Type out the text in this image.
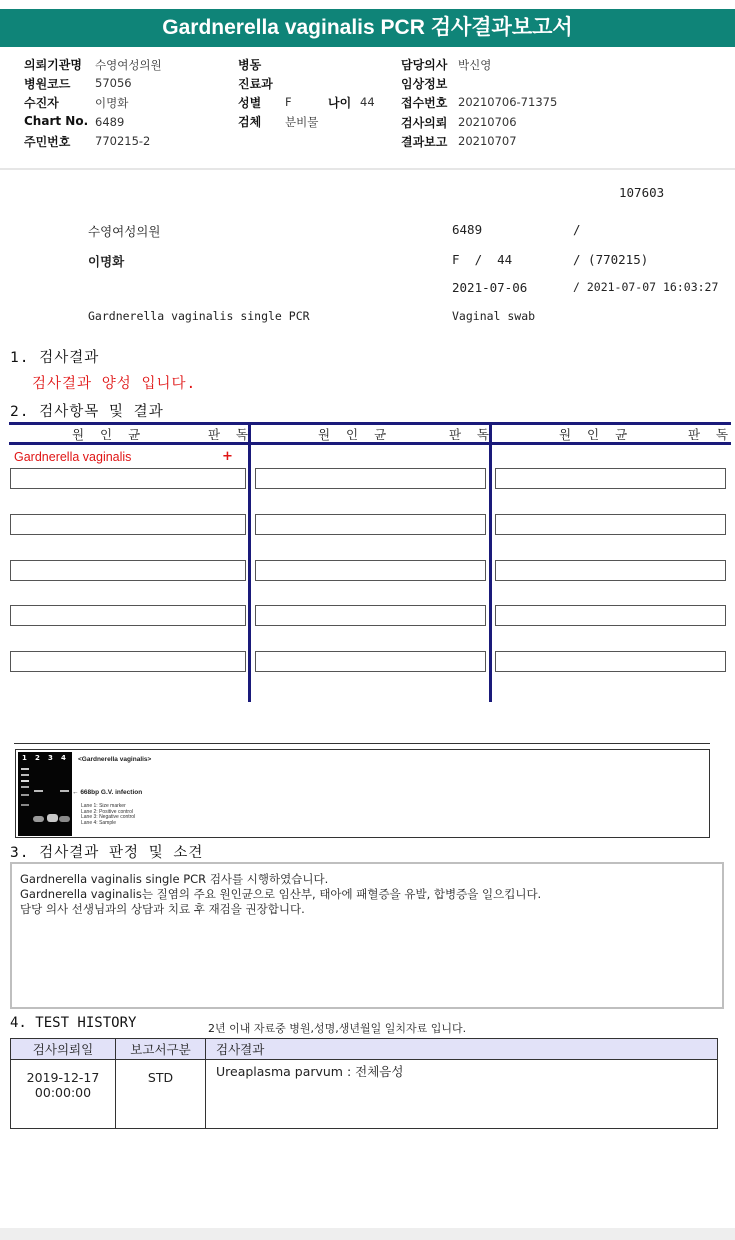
Gardnerella vaginalis PCR 검사결과보고서
의뢰기관명 수영여성의원
병원코드 57056
수진자	이명화
Chart No. 6489
주민번호 770215-2
병동
진료과
성별 F	나이 44
검체 분비물
담당의사 박신영
임상정보
접수번호 20210706-71375
검사의뢰 20210706
결과보고 20210707
107603
수영여성의원	6489	/
이명화	F  /  44	/ (770215)
2021-07-06	/ 2021-07-07 16:03:27
Gardnerella vaginalis single PCR	Vaginal swab
1. 검사결과
검사결과 양성 입니다.
2. 검사항목 및 결과
원 인 균	판 독	원 인 균	판 독	원 인 균	판 독
Gardnerella vaginalis	+
1 2 3 4 <Gardnerella vaginalis>
← 668bp G.V. infection
Lane 1: Size marker
Lane 2: Positive control
Lane 3: Negative control
Lane 4: Sample
3. 검사결과 판정 및 소견
Gardnerella vaginalis single PCR 검사를 시행하였습니다.
Gardnerella vaginalis는 질염의 주요 원인균으로 임산부, 태아에 패혈증을 유발, 합병증을 일으킵니다.
담당 의사 선생님과의 상담과 치료 후 재검을 권장합니다.
4. TEST HISTORY	2년 이내 자료중 병원,성명,생년월일 일치자료 입니다.
검사의뢰일	보고서구분	검사결과

2019-12-17
00:00:00	STD	Ureaplasma parvum : 전체음성
